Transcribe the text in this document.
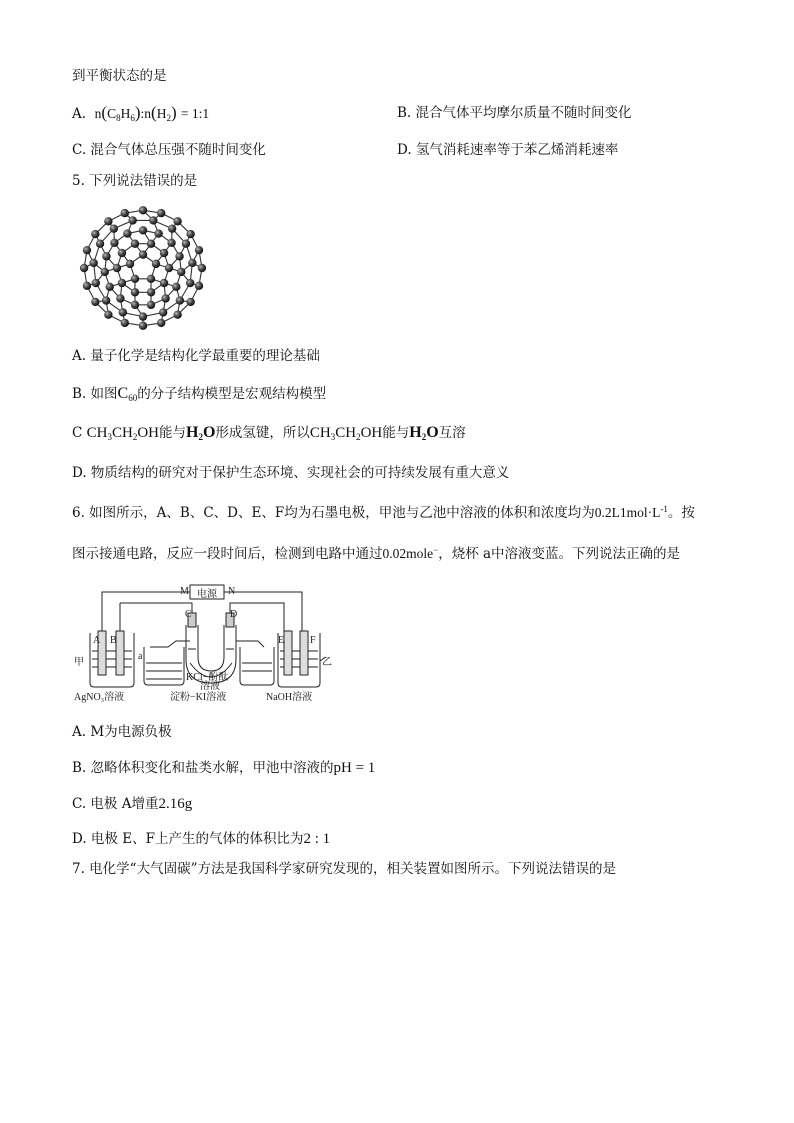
到平衡状态的是
A. $n(C_8H_6):n(H_2)$ = 1:1	B. 混合气体平均摩尔质量不随时间变化
C. 混合气体总压强不随时间变化	D. 氢气消耗速率等于苯乙烯消耗速率
5. 下列说法错误的是
A. 量子化学是结构化学最重要的理论基础
B. 如图$C_{60}$的分子结构模型是宏观结构模型
C $CH_3CH_2OH$能与$H_2O$形成氢键，所以$CH_3CH_2OH$能与$H_2O$互溶
D. 物质结构的研究对于保护生态环境、实现社会的可持续发展有重大意义
6. 如图所示，A、B、C、D、E、F均为石墨电极，甲池与乙池中溶液的体积和浓度均为$0.2L1mol\cdot L^{-1}$。按
图示接通电路，反应一段时间后，检测到电路中通过0.02mole−，烧杯 a中溶液变蓝。下列说法正确的是
M	N
电源
A B
C	D
E	F
甲	乙
a
AgNO₃溶液
KCl−酚酞
溶液
淀粉−KI溶液	NaOH溶液
A. M为电源负极
B. 忽略体积变化和盐类水解，甲池中溶液的pH = 1
C. 电极 A增重2.16g
D. 电极 E、F上产生的气体的体积比为2 : 1
7. 电化学“大气固碳”方法是我国科学家研究发现的，相关装置如图所示。下列说法错误的是
